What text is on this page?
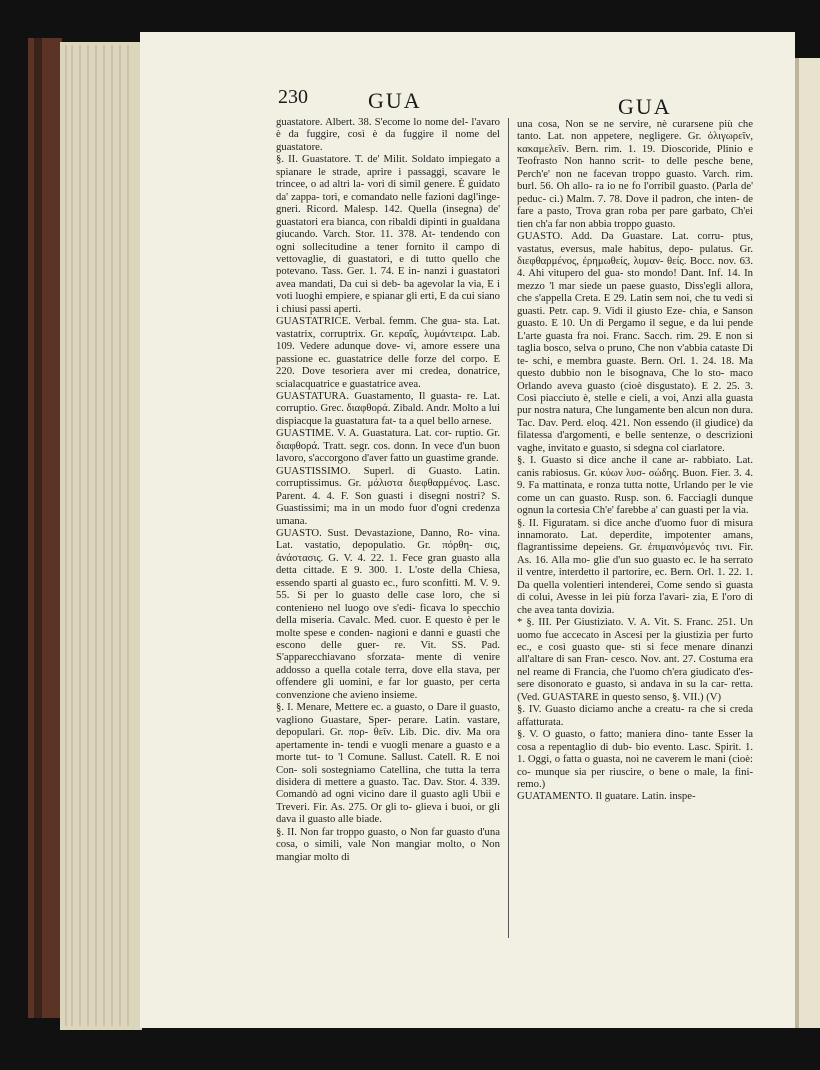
230	GUA	GUA

guastatore. Albert. 38. S'ecome lo nome del- l'avaro è da fuggire, così è da fuggire il nome del guastatore.

§. II. Guastatore. T. de' Milit. Soldato impiegato a spianare le strade, aprire i passaggi, scavare le trincee, o ad altri la- vori di simil genere. È guidato da' zappa- tori, e comandato nelle fazioni dagl'inge- gneri. Ricord. Malesp. 142. Quella (insegna) de' guastatori era bianca, con ribaldi dipinti in gualdana giucando. Varch. Stor. 11. 378. At- tendendo con ogni sollecitudine a tener fornito il campo di vettovaglie, di guastatori, e di tutto quello che potevano. Tass. Ger. 1. 74. E in- nanzi i guastatori avea mandati, Da cui si deb- ba agevolar la via, E i voti luoghi empiere, e spianar gli erti, E da cui siano i chiusi passi aperti.

GUASTATRICE. Verbal. femm. Che gua- sta. Lat. vastatrix, corruptrix. Gr. κεραΐς, λυμάντειρα. Lab. 109. Vedere adunque dove- vi, amore essere una passione ec. guastatrice delle forze del corpo. E 220. Dove tesoriera aver mi credea, donatrice, scialacquatrice e guastatrice avea.

GUASTATURA. Guastamento, Il guasta- re. Lat. corruptio. Grec. διαφθορά. Zibald. Andr. Molto a lui dispiacque la guastatura fat- ta a quel bello arnese.

GUASTIME. V. A. Guastatura. Lat. cor- ruptio. Gr. διαφθορά. Tratt. segr. cos. donn. In vece d'un buon lavoro, s'accorgono d'aver fatto un guastime grande.

GUASTISSIMO. Superl. di Guasto. Latin. corruptissimus. Gr. μάλιστα διεφθαρμένος. Lasc. Parent. 4. 4. F. Son guasti i disegni nostri? S. Guastissimi; ma in un modo fuor d'ogni credenza umana.

GUASTO. Sust. Devastazione, Danno, Ro- vina. Lat. vastatio, depopulatio. Gr. πόρθη- σις, ἀνάστασις. G. V. 4. 22. 1. Fece gran guasto alla detta cittade. E 9. 300. 1. L'oste della Chiesa, essendo sparti al guasto ec., furo sconfitti. M. V. 9. 55. Si per lo guasto delle case loro, che si conteniено nel luogo ove s'edi- ficava lo specchio della miseria. Cavalc. Med. cuor. E questo è per le molte spese e conden- nagioni e danni e guasti che escono delle guer- re. Vit. SS. Pad. S'apparecchiavano sforzata- mente di venire addosso a quella cotale terra, dove ella stava, per offendere gli uomini, e far lor guasto, per certa convenzione che avieno insieme.

§. I. Menare, Mettere ec. a guasto, o Dare il guasto, vagliono Guastare, Sper- perare. Latin. vastare, depopulari. Gr. πορ- θεῖν. Lib. Dic. div. Ma ora apertamente in- tendi e vuogli menare a guasto e a morte tut- to 'l Comune. Sallust. Catell. R. E noi Con- soli sostegniamo Catellina, che tutta la terra disidera di mettere a guasto. Tac. Dav. Stor. 4. 339. Comandò ad ogni vicino dare il guasto agli Ubii e Treveri. Fir. As. 275. Or gli to- glieva i buoi, or gli dava il guasto alle biade.

§. II. Non far troppo guasto, o Non far guasto d'una cosa, o simili, vale Non mangiar molto, o Non mangiar molto di

una cosa, Non se ne servire, nè curarsene più che tanto. Lat. non appetere, negligere. Gr. ὀλιγωρεῖν, κακαμελεῖν. Bern. rim. 1. 19. Dioscoride, Plinio e Teofrasto Non hanno scrit- to delle pesche bene, Perch'e' non ne facevan troppo guasto. Varch. rim. burl. 56. Oh allo- ra io ne fo l'orribil guasto. (Parla de' peduc- ci.) Malm. 7. 78. Dove il padron, che inten- de fare a pasto, Trova gran roba per pare garbato, Ch'ei tien ch'a far non abbia troppo guasto.

GUASTO. Add. Da Guastare. Lat. corru- ptus, vastatus, eversus, male habitus, depo- pulatus. Gr. διεφθαρμένος, ἐρημωθείς, λυμαν- θείς. Bocc. nov. 63. 4. Ahi vitupero del gua- sto mondo! Dant. Inf. 14. In mezzo 'l mar siede un paese guasto, Diss'egli allora, che s'appella Creta. E 29. Latin sem noi, che tu vedi sì guasti. Petr. cap. 9. Vidi il giusto Eze- chia, e Sanson guasto. E 10. Un di Pergamo il segue, e da lui pende L'arte guasta fra noi. Franc. Sacch. rim. 29. E non si taglia bosco, selva o pruno, Che non v'abbia cataste Di te- schi, e membra guaste. Bern. Orl. 1. 24. 18. Ma questo dubbio non le bisognava, Che lo sto- maco Orlando aveva guasto (cioè disgustato). E 2. 25. 3. Così piacciuto è, stelle e cieli, a voi, Anzi alla guasta pur nostra natura, Che lungamente ben alcun non dura. Tac. Dav. Perd. eloq. 421. Non essendo (il giudice) da filatessa d'argomenti, e belle sentenze, o descrizioni vaghe, invitato e guasto, si sdegna col ciarlatore.

§. I. Guasto si dice anche il cane ar- rabbiato. Lat. canis rabiosus. Gr. κύων λυσ- σώδης. Buon. Fier. 3. 4. 9. Fa mattinata, e ronza tutta notte, Urlando per le vie come un can guasto. Rusp. son. 6. Facciagli dunque ognun la cortesia Ch'e' farebbe a' can guasti per la via.

§. II. Figuratam. si dice anche d'uomo fuor di misura innamorato. Lat. deperdite, impotenter amans, flagrantissime depeiens. Gr. ἐπιμαινόμενός τινι. Fir. As. 16. Alla mo- glie d'un suo guasto ec. le ha serrato il ventre, interdetto il partorire, ec. Bern. Orl. 1. 22. 1. Da quella volentieri intenderei, Come sendo sì guasta di colui, Avesse in lei più forza l'avari- zia, E l'oro di che avea tanta dovizia.

* §. III. Per Giustiziato. V. A. Vit. S. Franc. 251. Un uomo fue accecato in Ascesi per la giustizia per furto ec., e così guasto que- sti si fece menare dinanzi all'altare di san Fran- cesco. Nov. ant. 27. Costuma era nel reame di Francia, che l'uomo ch'era giudicato d'es- sere disonorato e guasto, sì andava in su la car- retta. (Ved. GUASTARE in questo senso, §. VII.) (V)

§. IV. Guasto diciamo anche a creatu- ra che si creda affatturata.

§. V. O guasto, o fatto; maniera dino- tante Esser la cosa a repentaglio di dub- bio evento. Lasc. Spirit. 1. 1. Oggi, o fatta o guasta, noi ne caverem le mani (cioè: co- munque sia per riuscire, o bene o male, la fini- remo.)

GUATAMENTO. Il guatare. Latin. inspe-
